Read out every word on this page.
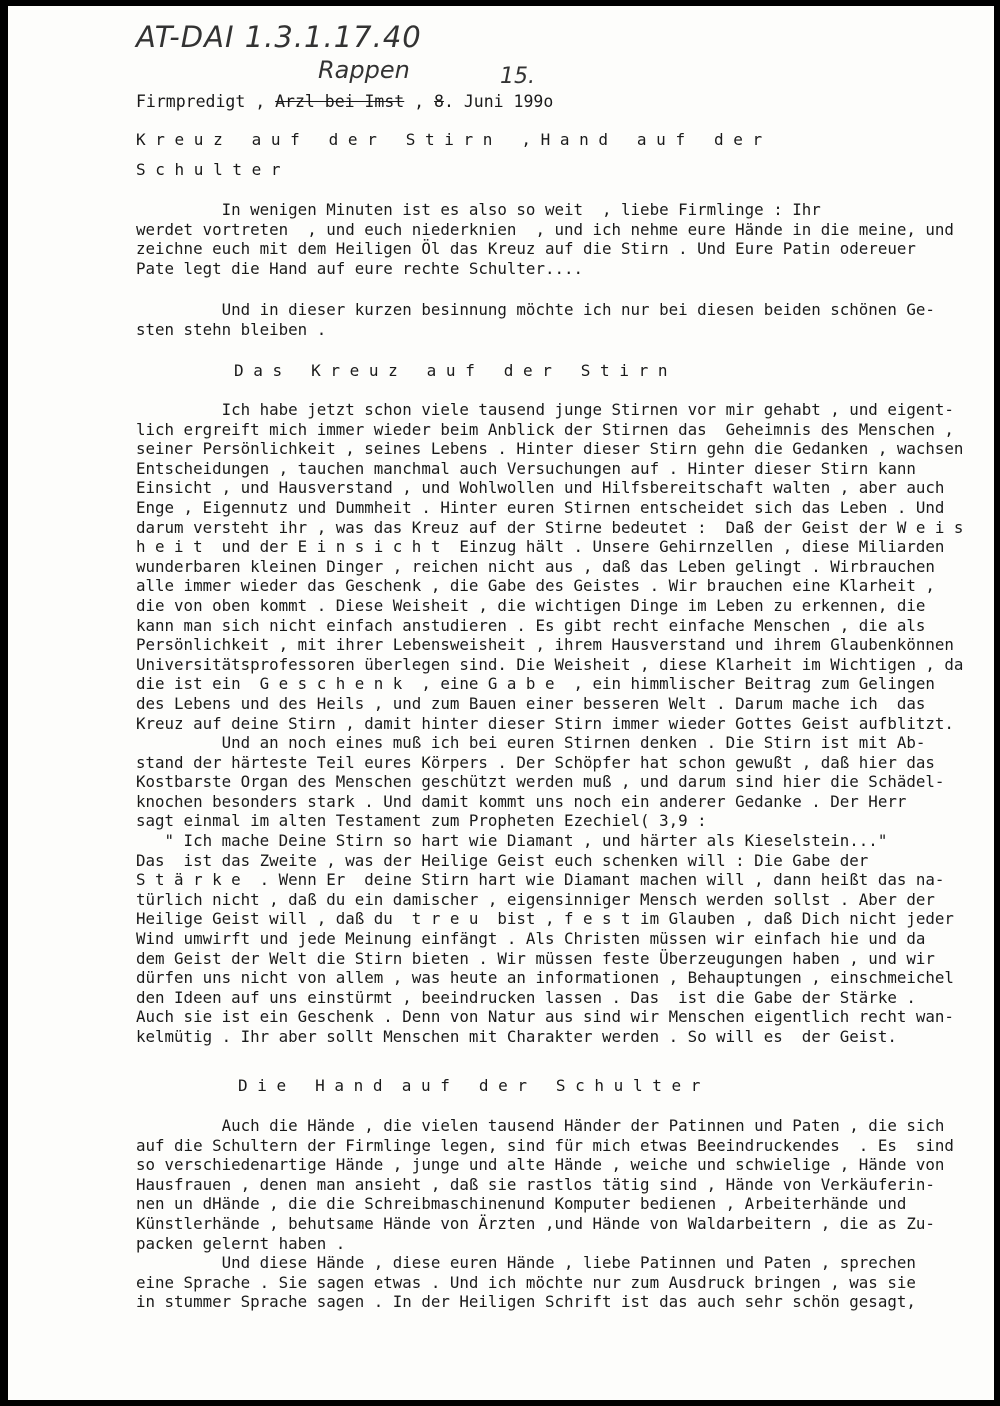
AT-DAI 1.3.1.17.40
Rappen	15.
Firmpredigt , Arzl bei Imst , 8. Juni 199o
K r e u z   a u f   d e r   S t i r n   , H a n d   a u f   d e r
S c h u l t e r

In wenigen Minuten ist es also so weit  , liebe Firmlinge : Ihr

werdet vortreten  , und euch niederknien  , und ich nehme eure Hände in die meine, und

zeichne euch mit dem Heiligen Öl das Kreuz auf die Stirn . Und Eure Patin odereuer

Pate legt die Hand auf eure rechte Schulter....

Und in dieser kurzen besinnung möchte ich nur bei diesen beiden schönen Ge-

sten stehn bleiben .

D a s   K r e u z   a u f   d e r   S t i r n

Ich habe jetzt schon viele tausend junge Stirnen vor mir gehabt , und eigent-

lich ergreift mich immer wieder beim Anblick der Stirnen das  Geheimnis des Menschen ,

seiner Persönlichkeit , seines Lebens . Hinter dieser Stirn gehn die Gedanken , wachsen

Entscheidungen , tauchen manchmal auch Versuchungen auf . Hinter dieser Stirn kann

Einsicht , und Hausverstand , und Wohlwollen und Hilfsbereitschaft walten , aber auch

Enge , Eigennutz und Dummheit . Hinter euren Stirnen entscheidet sich das Leben . Und

darum versteht ihr , was das Kreuz auf der Stirne bedeutet :  Daß der Geist der W e i s

h e i t  und der E i n s i c h t  Einzug hält . Unsere Gehirnzellen , diese Miliarden

wunderbaren kleinen Dinger , reichen nicht aus , daß das Leben gelingt . Wirbrauchen

alle immer wieder das Geschenk , die Gabe des Geistes . Wir brauchen eine Klarheit ,

die von oben kommt . Diese Weisheit , die wichtigen Dinge im Leben zu erkennen, die

kann man sich nicht einfach anstudieren . Es gibt recht einfache Menschen , die als

Persönlichkeit , mit ihrer Lebensweisheit , ihrem Hausverstand und ihrem Glaubenkönnen

Universitätsprofessoren überlegen sind. Die Weisheit , diese Klarheit im Wichtigen , da

die ist ein  G e s c h e n k  , eine G a b e  , ein himmlischer Beitrag zum Gelingen

des Lebens und des Heils , und zum Bauen einer besseren Welt . Darum mache ich  das

Kreuz auf deine Stirn , damit hinter dieser Stirn immer wieder Gottes Geist aufblitzt.

Und an noch eines muß ich bei euren Stirnen denken . Die Stirn ist mit Ab-

stand der härteste Teil eures Körpers . Der Schöpfer hat schon gewußt , daß hier das

Kostbarste Organ des Menschen geschützt werden muß , und darum sind hier die Schädel-

knochen besonders stark . Und damit kommt uns noch ein anderer Gedanke . Der Herr

sagt einmal im alten Testament zum Propheten Ezechiel( 3,9 :

" Ich mache Deine Stirn so hart wie Diamant , und härter als Kieselstein..."

Das  ist das Zweite , was der Heilige Geist euch schenken will : Die Gabe der

S t ä r k e  . Wenn Er  deine Stirn hart wie Diamant machen will , dann heißt das na-

türlich nicht , daß du ein damischer , eigensinniger Mensch werden sollst . Aber der

Heilige Geist will , daß du  t r e u  bist , f e s t im Glauben , daß Dich nicht jeder

Wind umwirft und jede Meinung einfängt . Als Christen müssen wir einfach hie und da

dem Geist der Welt die Stirn bieten . Wir müssen feste Überzeugungen haben , und wir

dürfen uns nicht von allem , was heute an informationen , Behauptungen , einschmeichel

den Ideen auf uns einstürmt , beeindrucken lassen . Das  ist die Gabe der Stärke .

Auch sie ist ein Geschenk . Denn von Natur aus sind wir Menschen eigentlich recht wan-

kelmütig . Ihr aber sollt Menschen mit Charakter werden . So will es  der Geist.

D i e   H a n d  a u f   d e r   S c h u l t e r

Auch die Hände , die vielen tausend Händer der Patinnen und Paten , die sich

auf die Schultern der Firmlinge legen, sind für mich etwas Beeindruckendes  . Es  sind

so verschiedenartige Hände , junge und alte Hände , weiche und schwielige , Hände von

Hausfrauen , denen man ansieht , daß sie rastlos tätig sind , Hände von Verkäuferin-

nen un dHände , die die Schreibmaschinenund Komputer bedienen , Arbeiterhände und

Künstlerhände , behutsame Hände von Ärzten ,und Hände von Waldarbeitern , die as Zu-

packen gelernt haben .

Und diese Hände , diese euren Hände , liebe Patinnen und Paten , sprechen

eine Sprache . Sie sagen etwas . Und ich möchte nur zum Ausdruck bringen , was sie

in stummer Sprache sagen . In der Heiligen Schrift ist das auch sehr schön gesagt,
